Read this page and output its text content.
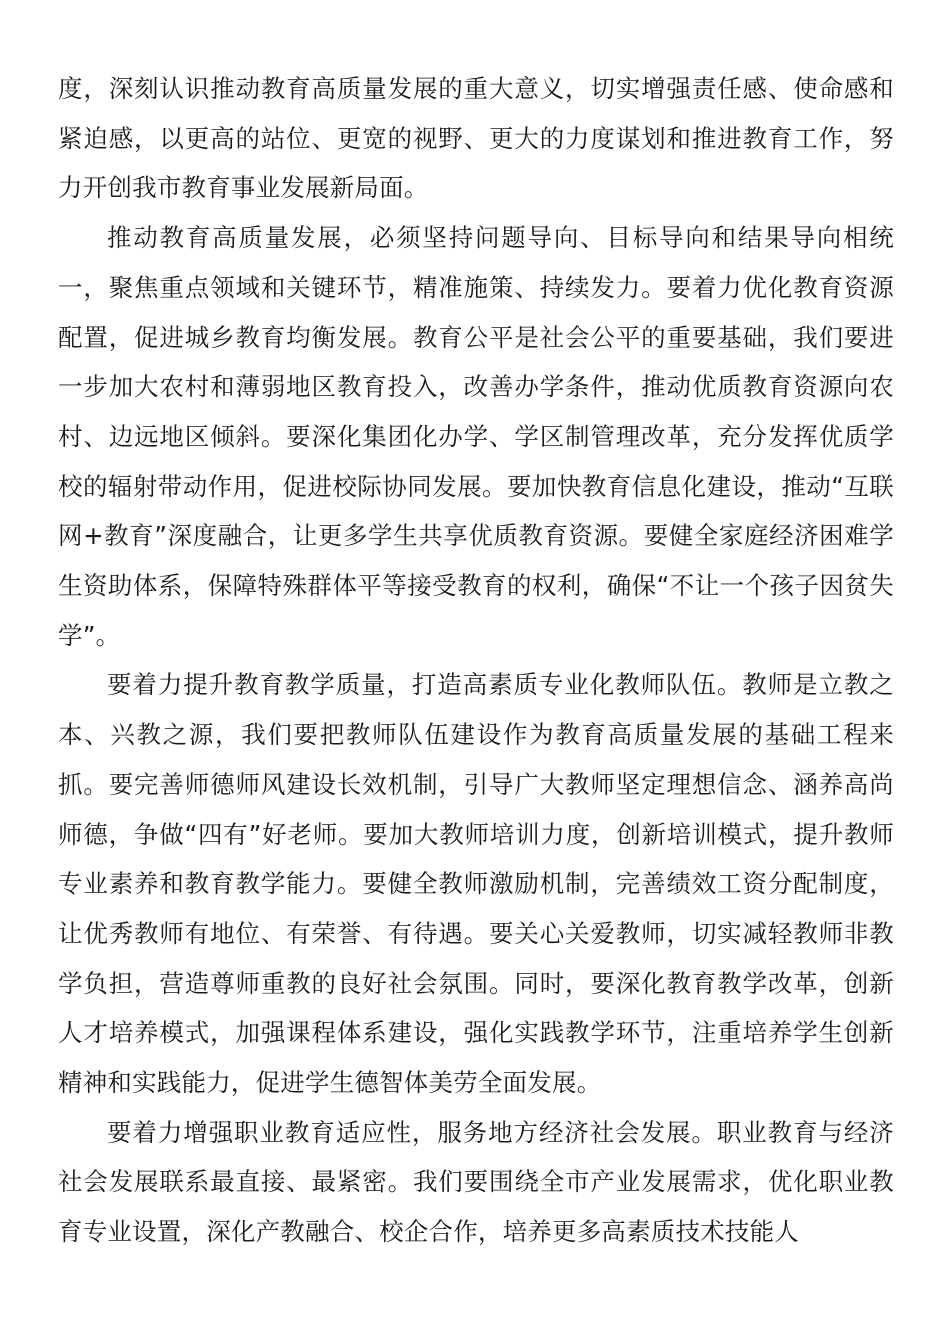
度，深刻认识推动教育高质量发展的重大意义，切实增强责任感、使命感和紧迫感，以更高的站位、更宽的视野、更大的力度谋划和推进教育工作，努力开创我市教育事业发展新局面。

推动教育高质量发展，必须坚持问题导向、目标导向和结果导向相统一，聚焦重点领域和关键环节，精准施策、持续发力。要着力优化教育资源配置，促进城乡教育均衡发展。教育公平是社会公平的重要基础，我们要进一步加大农村和薄弱地区教育投入，改善办学条件，推动优质教育资源向农村、边远地区倾斜。要深化集团化办学、学区制管理改革，充分发挥优质学校的辐射带动作用，促进校际协同发展。要加快教育信息化建设，推动“互联网+教育”深度融合，让更多学生共享优质教育资源。要健全家庭经济困难学生资助体系，保障特殊群体平等接受教育的权利，确保“不让一个孩子因贫失学”。

要着力提升教育教学质量，打造高素质专业化教师队伍。教师是立教之本、兴教之源，我们要把教师队伍建设作为教育高质量发展的基础工程来抓。要完善师德师风建设长效机制，引导广大教师坚定理想信念、涵养高尚师德，争做“四有”好老师。要加大教师培训力度，创新培训模式，提升教师专业素养和教育教学能力。要健全教师激励机制，完善绩效工资分配制度，让优秀教师有地位、有荣誉、有待遇。要关心关爱教师，切实减轻教师非教学负担，营造尊师重教的良好社会氛围。同时，要深化教育教学改革，创新人才培养模式，加强课程体系建设，强化实践教学环节，注重培养学生创新精神和实践能力，促进学生德智体美劳全面发展。

要着力增强职业教育适应性，服务地方经济社会发展。职业教育与经济社会发展联系最直接、最紧密。我们要围绕全市产业发展需求，优化职业教育专业设置，深化产教融合、校企合作，培养更多高素质技术技能人
